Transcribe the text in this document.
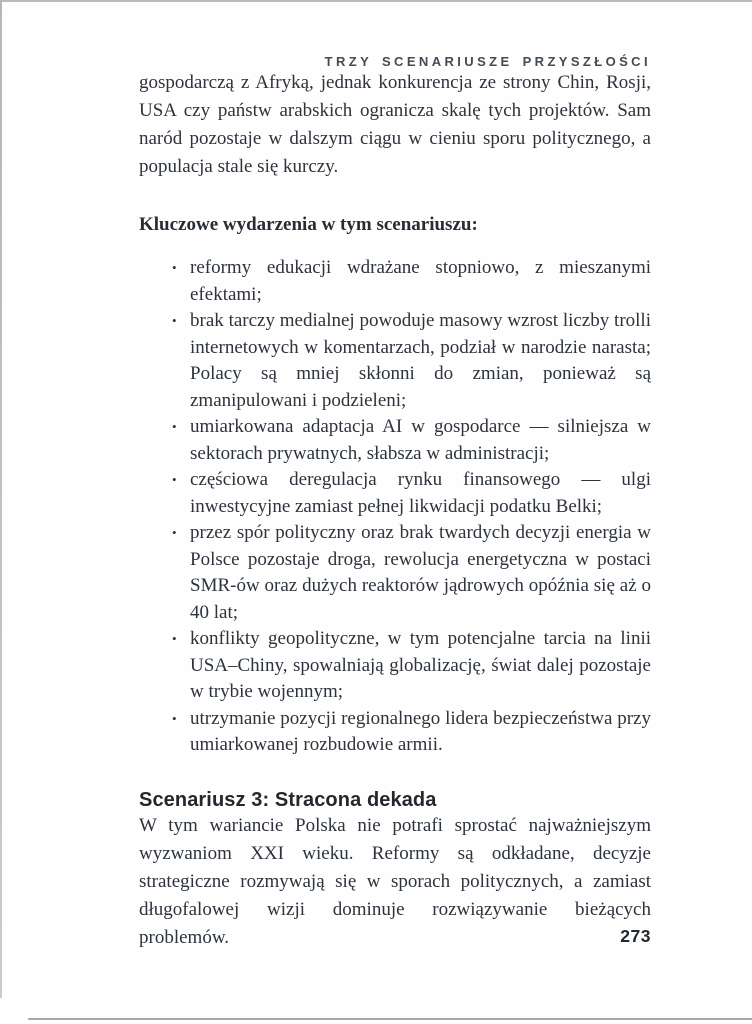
TRZY SCENARIUSZE PRZYSZŁOŚCI

gospodarczą z Afryką, jednak konkurencja ze strony Chin, Rosji, USA czy państw arabskich ogranicza skalę tych projektów. Sam naród pozostaje w dalszym ciągu w cieniu sporu politycznego, a populacja stale się kurczy.

Kluczowe wydarzenia w tym scenariuszu:
• reformy edukacji wdrażane stopniowo, z mieszanymi efektami;
• brak tarczy medialnej powoduje masowy wzrost liczby trolli internetowych w komentarzach, podział w narodzie narasta; Polacy są mniej skłonni do zmian, ponieważ są zmanipulowani i podzieleni;
• umiarkowana adaptacja AI w gospodarce — silniejsza w sektorach prywatnych, słabsza w administracji;
• częściowa deregulacja rynku finansowego — ulgi inwestycyjne zamiast pełnej likwidacji podatku Belki;
• przez spór polityczny oraz brak twardych decyzji energia w Polsce pozostaje droga, rewolucja energetyczna w postaci SMR-ów oraz dużych reaktorów jądrowych opóźnia się aż o 40 lat;
• konflikty geopolityczne, w tym potencjalne tarcia na linii USA–Chiny, spowalniają globalizację, świat dalej pozostaje w trybie wojennym;
• utrzymanie pozycji regionalnego lidera bezpieczeństwa przy umiarkowanej rozbudowie armii.
Scenariusz 3: Stracona dekada

W tym wariancie Polska nie potrafi sprostać najważniejszym wyzwaniom XXI wieku. Reformy są odkładane, decyzje strategiczne rozmywają się w sporach politycznych, a zamiast długofalowej wizji dominuje rozwiązywanie bieżących problemów.	273
